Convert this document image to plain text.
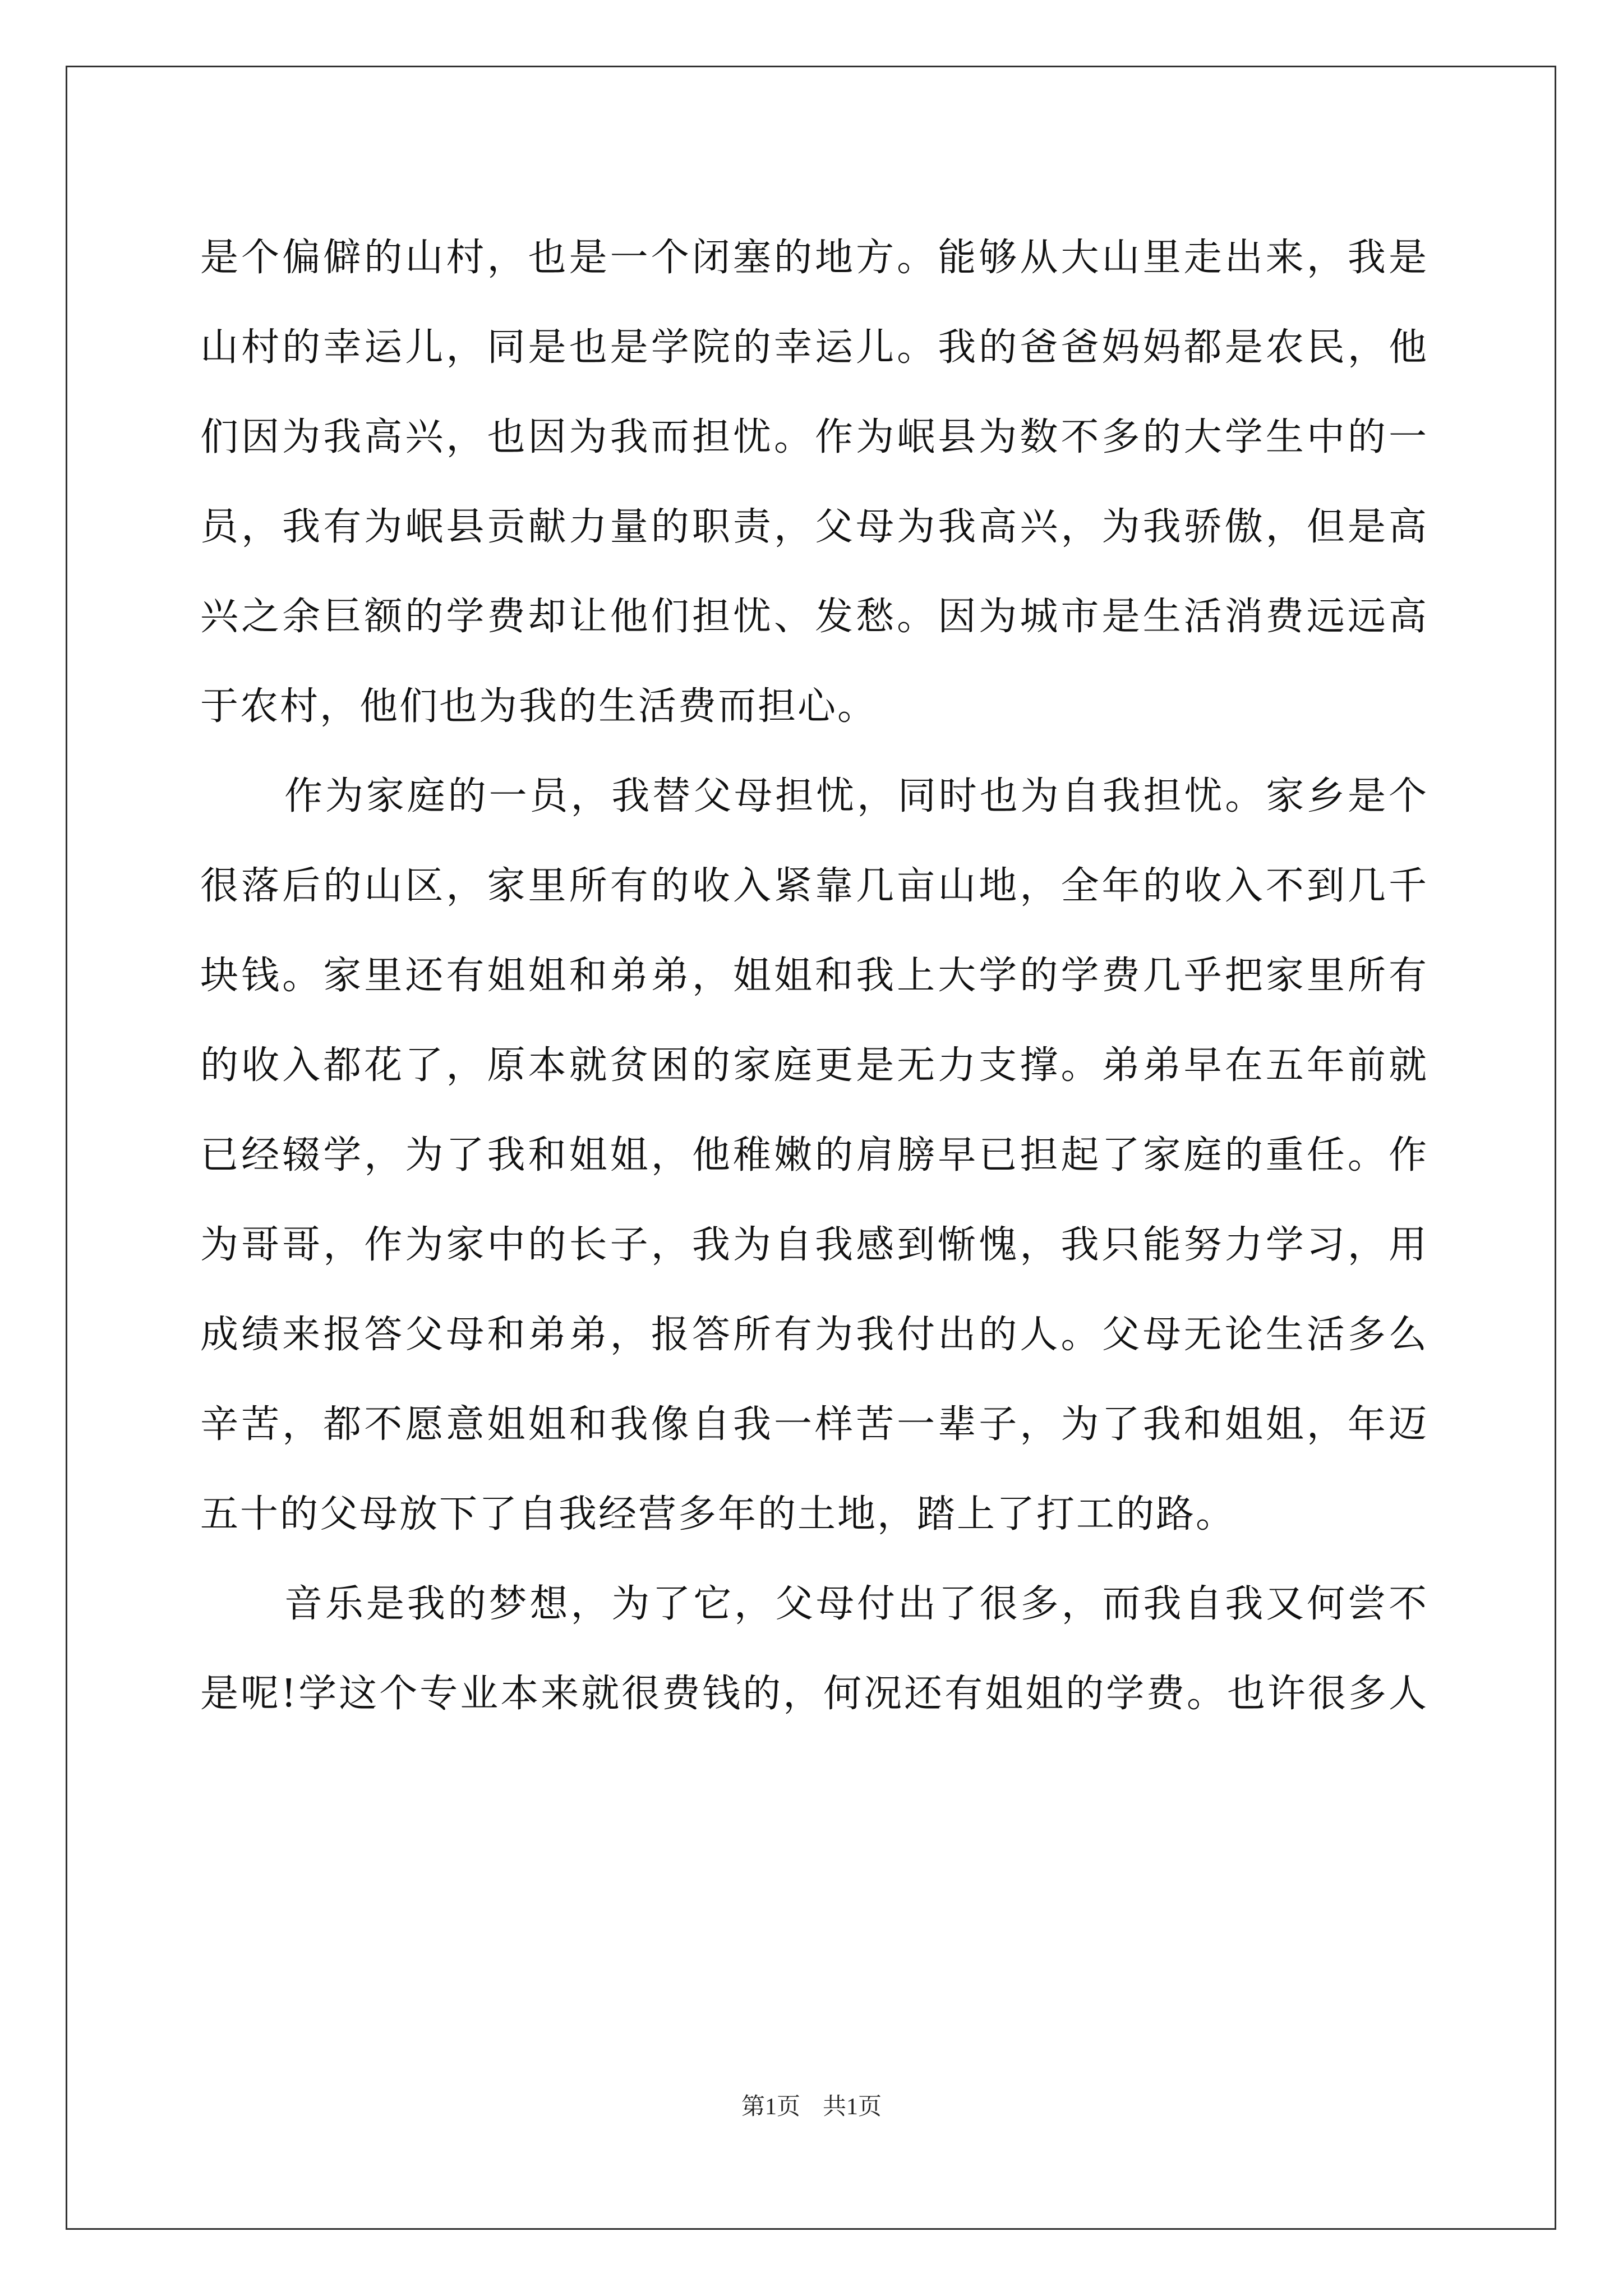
是个偏僻的山村，也是一个闭塞的地方。能够从大山里走出来，我是
山村的幸运儿，同是也是学院的幸运儿。我的爸爸妈妈都是农民，他
们因为我高兴，也因为我而担忧。作为岷县为数不多的大学生中的一
员，我有为岷县贡献力量的职责，父母为我高兴，为我骄傲，但是高
兴之余巨额的学费却让他们担忧、发愁。因为城市是生活消费远远高
于农村，他们也为我的生活费而担心。
作为家庭的一员，我替父母担忧，同时也为自我担忧。家乡是个
很落后的山区，家里所有的收入紧靠几亩山地，全年的收入不到几千
块钱。家里还有姐姐和弟弟，姐姐和我上大学的学费几乎把家里所有
的收入都花了，原本就贫困的家庭更是无力支撑。弟弟早在五年前就
已经辍学，为了我和姐姐，他稚嫩的肩膀早已担起了家庭的重任。作
为哥哥，作为家中的长子，我为自我感到惭愧，我只能努力学习，用
成绩来报答父母和弟弟，报答所有为我付出的人。父母无论生活多么
辛苦，都不愿意姐姐和我像自我一样苦一辈子，为了我和姐姐，年迈
五十的父母放下了自我经营多年的土地，踏上了打工的路。
音乐是我的梦想，为了它，父母付出了很多，而我自我又何尝不
是呢!学这个专业本来就很费钱的，何况还有姐姐的学费。也许很多人
第1页 共1页
